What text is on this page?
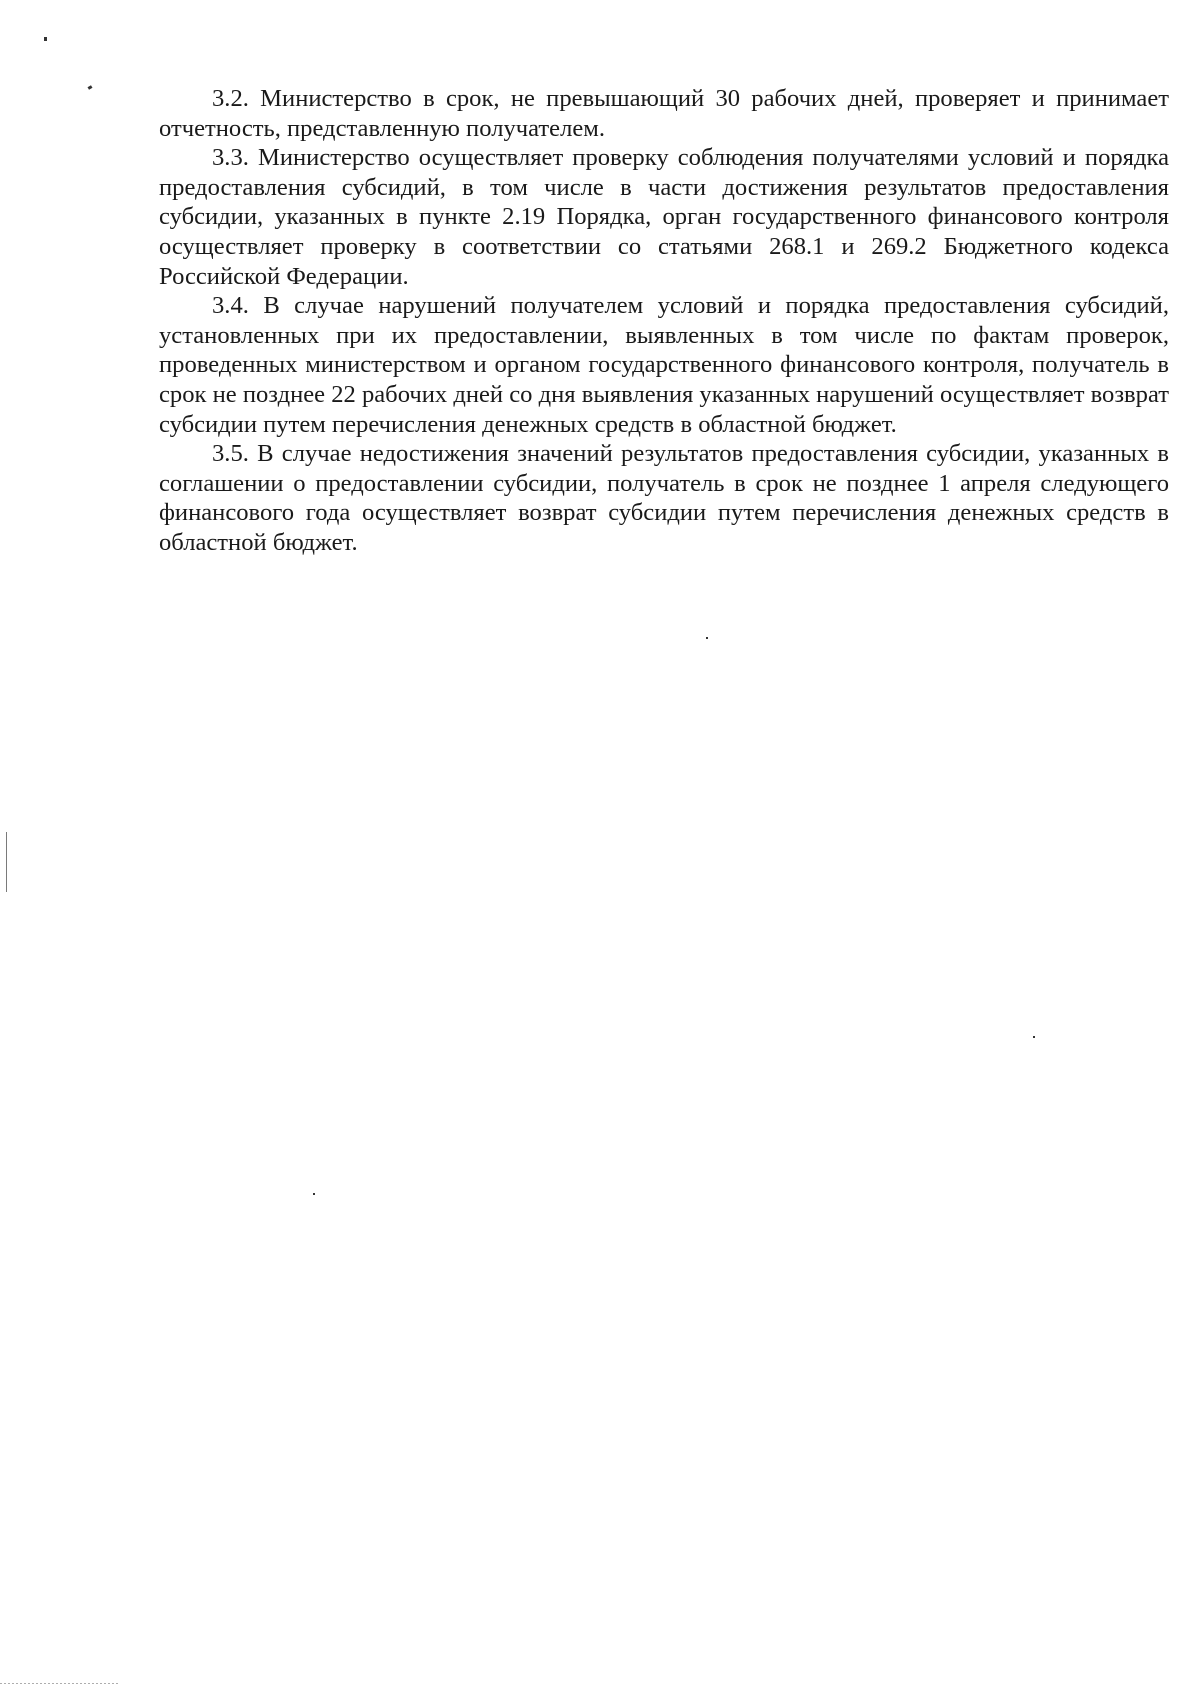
3.2. Министерство в срок, не превышающий 30 рабочих дней, проверяет и принимает отчетность, представленную получателем.

3.3. Министерство осуществляет проверку соблюдения получателями условий и порядка предоставления субсидий, в том числе в части достижения результатов предоставления субсидии, указанных в пункте 2.19 Порядка, орган государственного финансового контроля осуществляет проверку в соответствии со статьями 268.1 и 269.2 Бюджетного кодекса Российской Федерации.

3.4. В случае нарушений получателем условий и порядка предоставления субсидий, установленных при их предоставлении, выявленных в том числе по фактам проверок, проведенных министерством и органом государственного финансового контроля, получатель в срок не позднее 22 рабочих дней со дня выявления указанных нарушений осуществляет возврат субсидии путем перечисления денежных средств в областной бюджет.

3.5. В случае недостижения значений результатов предоставления субсидии, указанных в соглашении о предоставлении субсидии, получатель в срок не позднее 1 апреля следующего финансового года осуществляет возврат субсидии путем перечисления денежных средств в областной бюджет.
